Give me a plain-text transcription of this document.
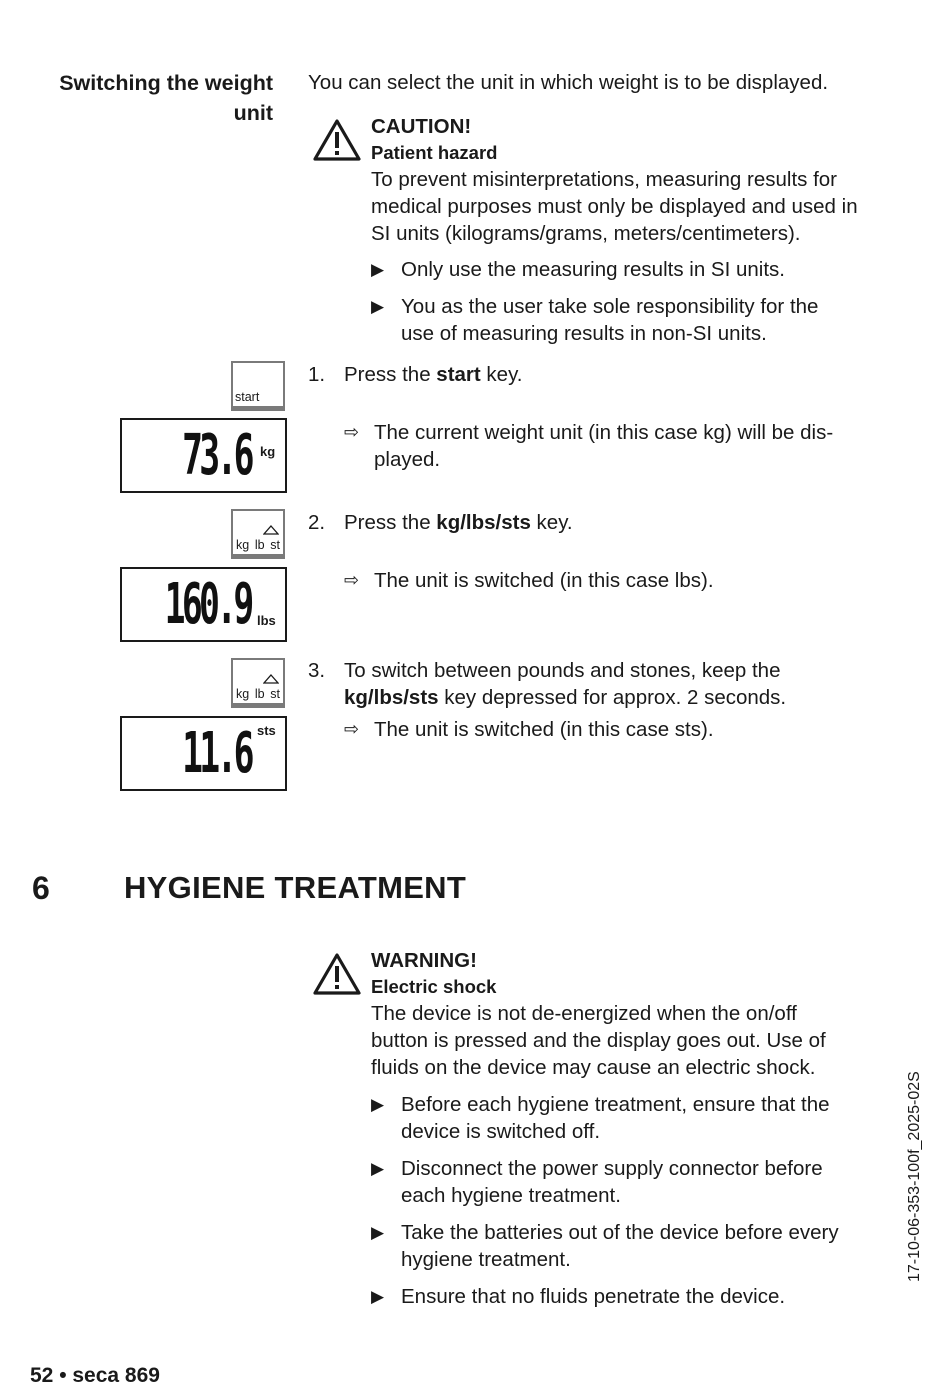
Switching the weight unit
You can select the unit in which weight is to be displayed.
CAUTION!
Patient hazard
To prevent misinterpretations, measuring results for medical purposes must only be displayed and used in SI units (kilograms/grams, meters/centimeters).
▶ Only use the measuring results in SI units.
▶ You as the user take sole responsibility for the use of measuring results in non-SI units.
start
73.6 kg
kg lb st
160.9 lbs
kg lb st
11.6 sts
1. Press the start key.
⇨ The current weight unit (in this case kg) will be dis-played.
2. Press the kg/lbs/sts key.
⇨ The unit is switched (in this case lbs).
3. To switch between pounds and stones, keep the
kg/lbs/sts key depressed for approx. 2 seconds.
⇨ The unit is switched (in this case sts).
6 HYGIENE TREATMENT
WARNING!
Electric shock
The device is not de-energized when the on/off button is pressed and the display goes out. Use of fluids on the device may cause an electric shock.
▶ Before each hygiene treatment, ensure that the device is switched off.
▶ Disconnect the power supply connector before each hygiene treatment.
▶ Take the batteries out of the device before every hygiene treatment.
▶ Ensure that no fluids penetrate the device.
17-10-06-353-100f_2025-02S
52 • seca 869
